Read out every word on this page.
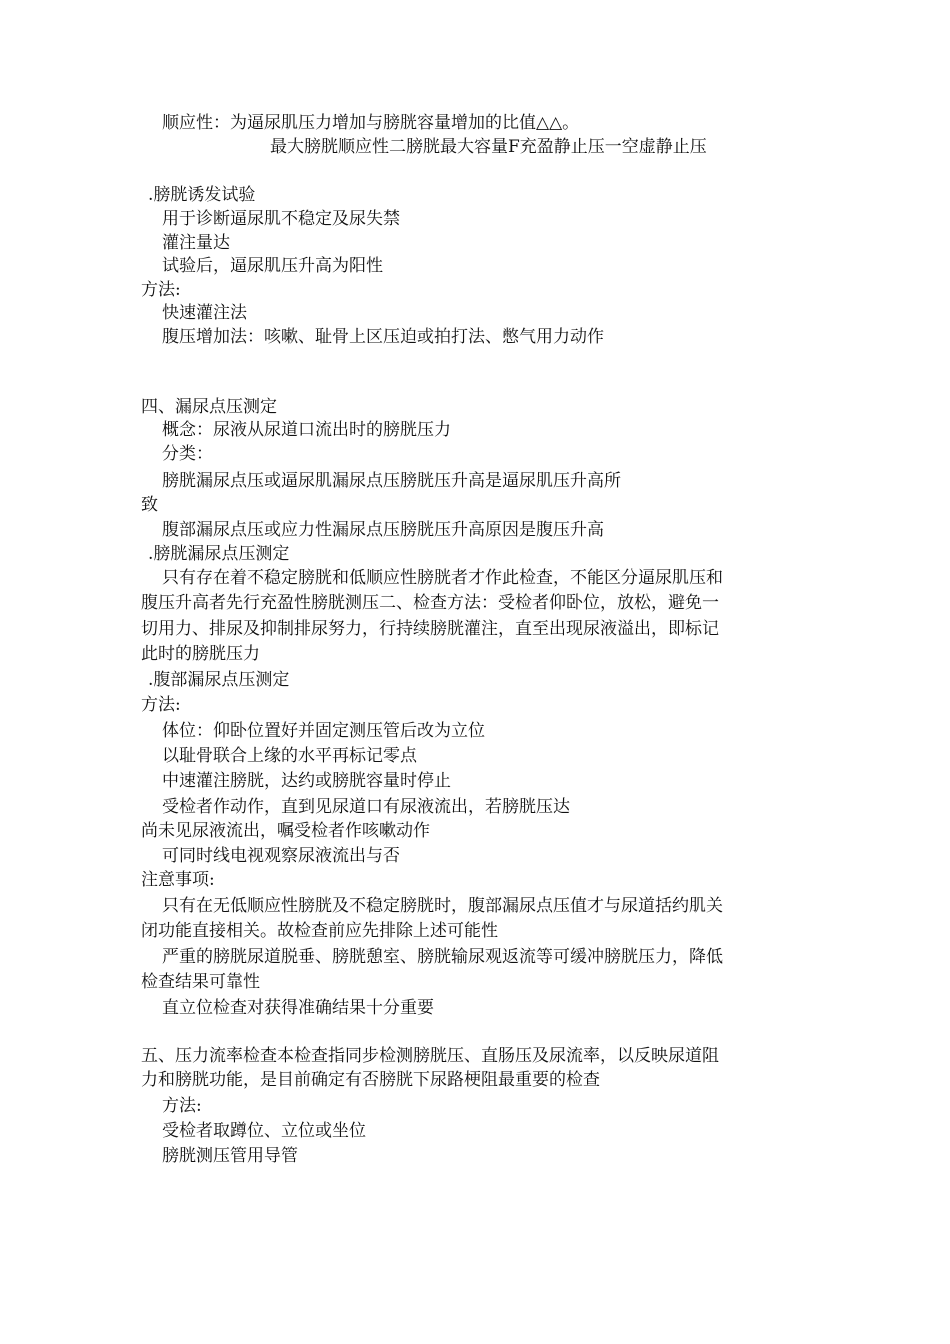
顺应性：为逼尿肌压力增加与膀胱容量增加的比值△△。
最大膀胱顺应性二膀胱最大容量F充盈静止压一空虚静止压
.膀胱诱发试验
用于诊断逼尿肌不稳定及尿失禁
灌注量达
试验后，逼尿肌压升高为阳性
方法:
快速灌注法
腹压增加法：咳嗽、耻骨上区压迫或拍打法、憋气用力动作
四、漏尿点压测定
概念：尿液从尿道口流出时的膀胱压力
分类：
膀胱漏尿点压或逼尿肌漏尿点压膀胱压升高是逼尿肌压升高所
致
腹部漏尿点压或应力性漏尿点压膀胱压升高原因是腹压升高
.膀胱漏尿点压测定
只有存在着不稳定膀胱和低顺应性膀胱者才作此检查，不能区分逼尿肌压和
腹压升高者先行充盈性膀胱测压二、检查方法：受检者仰卧位，放松，避免一
切用力、排尿及抑制排尿努力，行持续膀胱灌注，直至出现尿液溢出，即标记
此时的膀胱压力
.腹部漏尿点压测定
方法:
体位：仰卧位置好并固定测压管后改为立位
以耻骨联合上缘的水平再标记零点
中速灌注膀胱，达约或膀胱容量时停止
受检者作动作，直到见尿道口有尿液流出，若膀胱压达
尚未见尿液流出，嘱受检者作咳嗽动作
可同时线电视观察尿液流出与否
注意事项:
只有在无低顺应性膀胱及不稳定膀胱时，腹部漏尿点压值才与尿道括约肌关
闭功能直接相关。故检查前应先排除上述可能性
严重的膀胱尿道脱垂、膀胱憩室、膀胱输尿观返流等可缓冲膀胱压力，降低
检查结果可靠性
直立位检查对获得准确结果十分重要
五、压力流率检查本检查指同步检测膀胱压、直肠压及尿流率，以反映尿道阻
力和膀胱功能，是目前确定有否膀胱下尿路梗阻最重要的检查
方法:
受检者取蹲位、立位或坐位
膀胱测压管用导管
